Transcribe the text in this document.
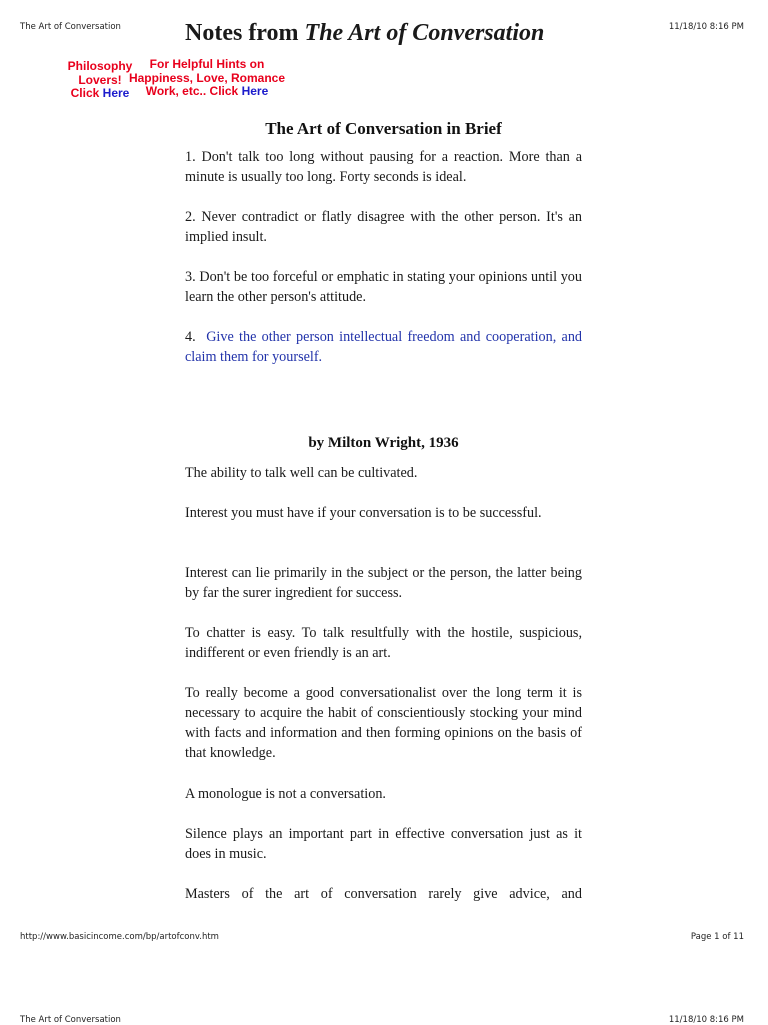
The Art of Conversation	11/18/10 8:16 PM
Philosophy
Lovers!
Click Here
For Helpful Hints on
Happiness, Love, Romance
Work, etc.. Click Here
The Art of Conversation in Brief

1. Don't talk too long without pausing for a reaction. More than a minute is usually too long. Forty seconds is ideal.

2. Never contradict or flatly disagree with the other person. It's an implied insult.

3. Don't be too forceful or emphatic in stating your opinions until you learn the other person's attitude.

4. Give the other person intellectual freedom and cooperation, and claim them for yourself.

Notes from The Art of Conversation
by Milton Wright, 1936

The ability to talk well can be cultivated.

Interest you must have if your conversation is to be successful.

Interest can lie primarily in the subject or the person, the latter being by far the surer ingredient for success.

To chatter is easy. To talk resultfully with the hostile, suspicious, indifferent or even friendly is an art.

To really become a good conversationalist over the long term it is necessary to acquire the habit of conscientiously stocking your mind with facts and information and then forming opinions on the basis of that knowledge.

A monologue is not a conversation.

Silence plays an important part in effective conversation just as it does in music.

Masters of the art of conversation rarely give advice, and

http://www.basicincome.com/bp/artofconv.htm	Page 1 of 11
The Art of Conversation	11/18/10 8:16 PM
